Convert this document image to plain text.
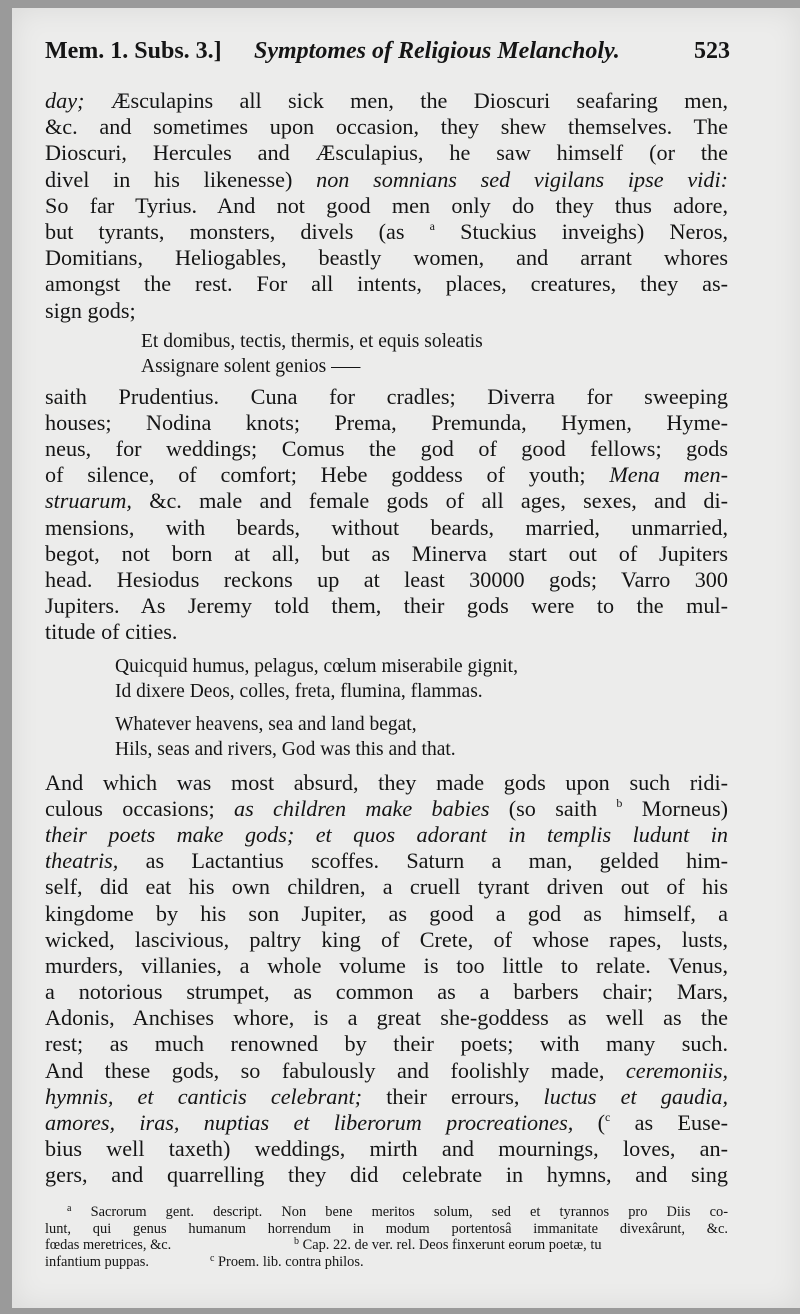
Mem. 1. Subs. 3.] Symptomes of Religious Melancholy.	523
day; Æsculapins all sick men, the Dioscuri seafaring men,
&c. and sometimes upon occasion, they shew themselves. The
Dioscuri, Hercules and Æsculapius, he saw himself (or the
divel in his likenesse) non somnians sed vigilans ipse vidi:
So far Tyrius. And not good men only do they thus adore,
but tyrants, monsters, divels (as $^a$ Stuckius inveighs) Neros,
Domitians, Heliogables, beastly women, and arrant whores
amongst the rest. For all intents, places, creatures, they as-
sign gods;
Et domibus, tectis, thermis, et equis soleatis
Assignare solent genios —–
saith Prudentius. Cuna for cradles; Diverra for sweeping
houses; Nodina knots; Prema, Premunda, Hymen, Hyme-
neus, for weddings; Comus the god of good fellows; gods
of silence, of comfort; Hebe goddess of youth; Mena men-
struarum, &c. male and female gods of all ages, sexes, and di-
mensions, with beards, without beards, married, unmarried,
begot, not born at all, but as Minerva start out of Jupiters
head. Hesiodus reckons up at least 30000 gods; Varro 300
Jupiters. As Jeremy told them, their gods were to the mul-
titude of cities.
Quicquid humus, pelagus, cœlum miserabile gignit,
Id dixere Deos, colles, freta, flumina, flammas.
Whatever heavens, sea and land begat,
Hils, seas and rivers, God was this and that.
And which was most absurd, they made gods upon such ridi-
culous occasions; as children make babies (so saith $^b$ Morneus)
their poets make gods; et quos adorant in templis ludunt in
theatris, as Lactantius scoffes. Saturn a man, gelded him-
self, did eat his own children, a cruell tyrant driven out of his
kingdome by his son Jupiter, as good a god as himself, a
wicked, lascivious, paltry king of Crete, of whose rapes, lusts,
murders, villanies, a whole volume is too little to relate. Venus,
a notorious strumpet, as common as a barbers chair; Mars,
Adonis, Anchises whore, is a great she-goddess as well as the
rest; as much renowned by their poets; with many such.
And these gods, so fabulously and foolishly made, ceremoniis,
hymnis, et canticis celebrant; their errours, luctus et gaudia,
amores, iras, nuptias et liberorum procreationes, ($^c$ as Euse-
bius well taxeth) weddings, mirth and mournings, loves, an-
gers, and quarrelling they did celebrate in hymns, and sing
$^a$ Sacrorum gent. descript. Non bene meritos solum, sed et tyrannos pro Diis co-
lunt, qui genus humanum horrendum in modum portentosâ immanitate divexârunt, &c.
fœdas meretrices, &c.	$^b$ Cap. 22. de ver. rel. Deos finxerunt eorum poetæ, tu
infantium puppas.	$^c$ Proem. lib. contra philos.
